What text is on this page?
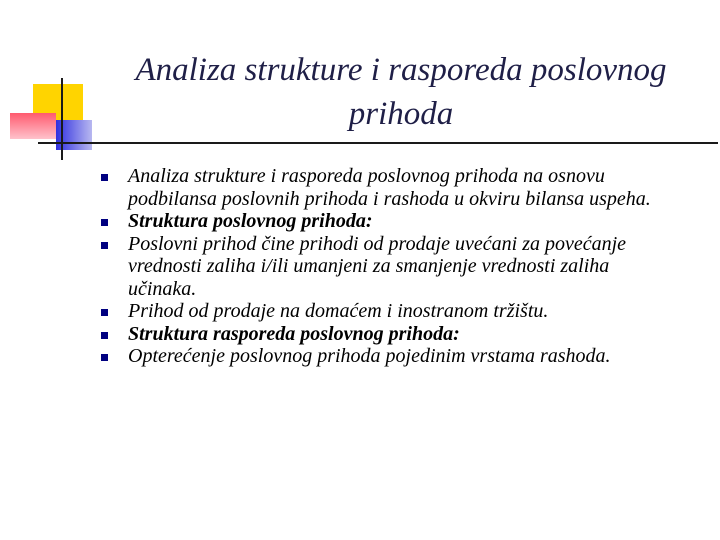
Analiza strukture i rasporeda poslovnog prihoda
Analiza strukture i rasporeda poslovnog prihoda na osnovu podbilansa poslovnih prihoda i rashoda u okviru bilansa uspeha.
Struktura poslovnog prihoda:
Poslovni prihod čine prihodi od prodaje uvećani za povećanje vrednosti zaliha i/ili umanjeni za smanjenje vrednosti zaliha učinaka.
Prihod od prodaje na domaćem i inostranom tržištu.
Struktura rasporeda poslovnog prihoda:
Opterećenje poslovnog prihoda pojedinim vrstama rashoda.
